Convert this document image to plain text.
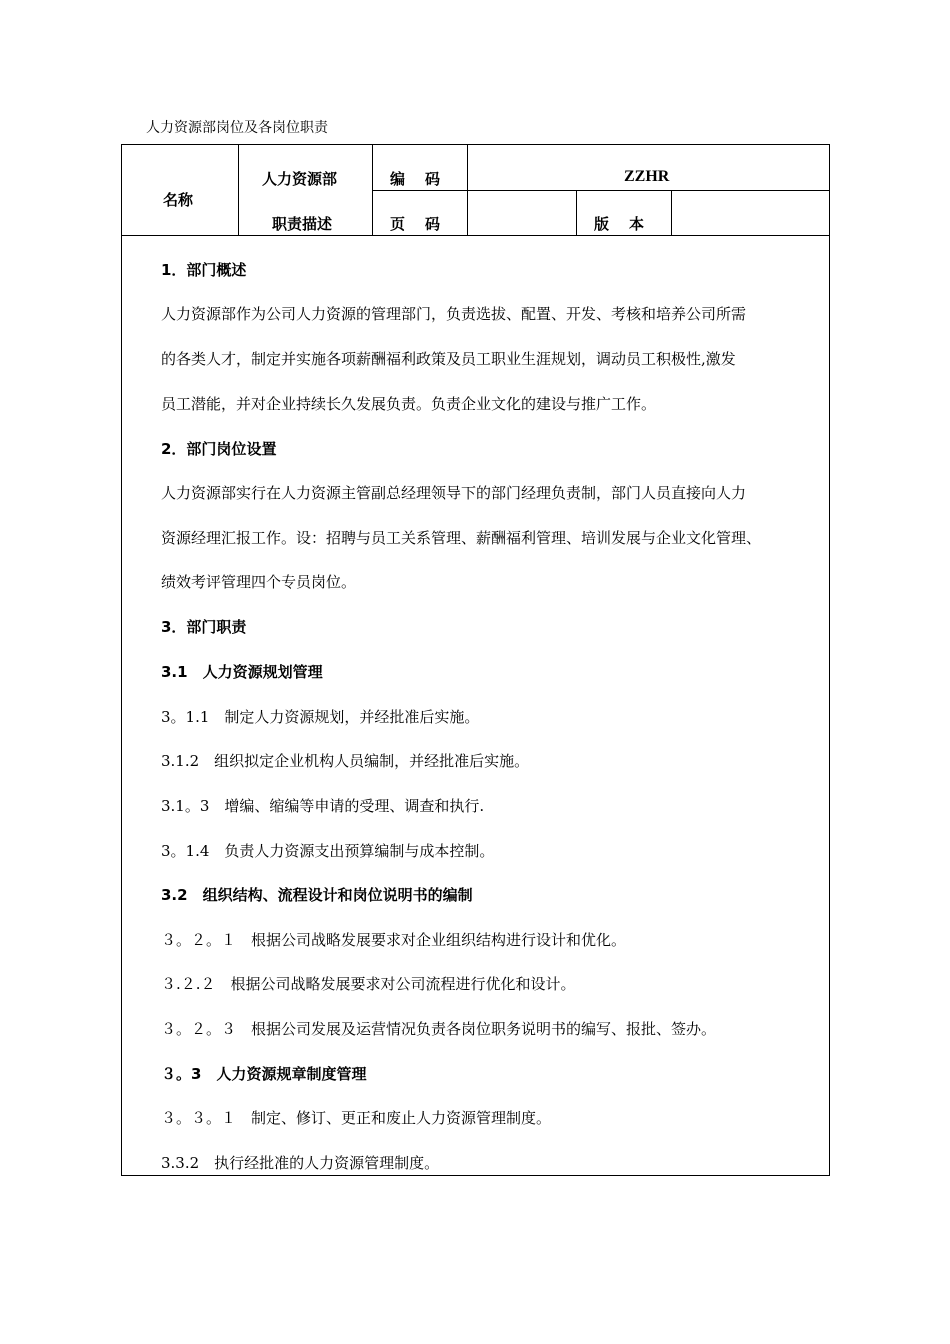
人力资源部岗位及各岗位职责
名称
人力资源部
职责描述
编码
页码
ZZHR
版本
1．部门概述
人力资源部作为公司人力资源的管理部门，负责选拔、配置、开发、考核和培养公司所需
的各类人才，制定并实施各项薪酬福利政策及员工职业生涯规划，调动员工积极性,激发
员工潜能，并对企业持续长久发展负责。负责企业文化的建设与推广工作。
2．部门岗位设置
人力资源部实行在人力资源主管副总经理领导下的部门经理负责制，部门人员直接向人力
资源经理汇报工作。设：招聘与员工关系管理、薪酬福利管理、培训发展与企业文化管理、
绩效考评管理四个专员岗位。
3．部门职责
3.1　人力资源规划管理
3。1.1　制定人力资源规划，并经批准后实施。
3.1.2　组织拟定企业机构人员编制，并经批准后实施。
3.1。3　增编、缩编等申请的受理、调查和执行.
3。1.4　负责人力资源支出预算编制与成本控制。
3.2　组织结构、流程设计和岗位说明书的编制
３。２。１　根据公司战略发展要求对企业组织结构进行设计和优化。
３.２.２　根据公司战略发展要求对公司流程进行优化和设计。
３。２。３　根据公司发展及运营情况负责各岗位职务说明书的编写、报批、签办。
３。3　人力资源规章制度管理
３。３。１　制定、修订、更正和废止人力资源管理制度。
3.3.2　执行经批准的人力资源管理制度。
